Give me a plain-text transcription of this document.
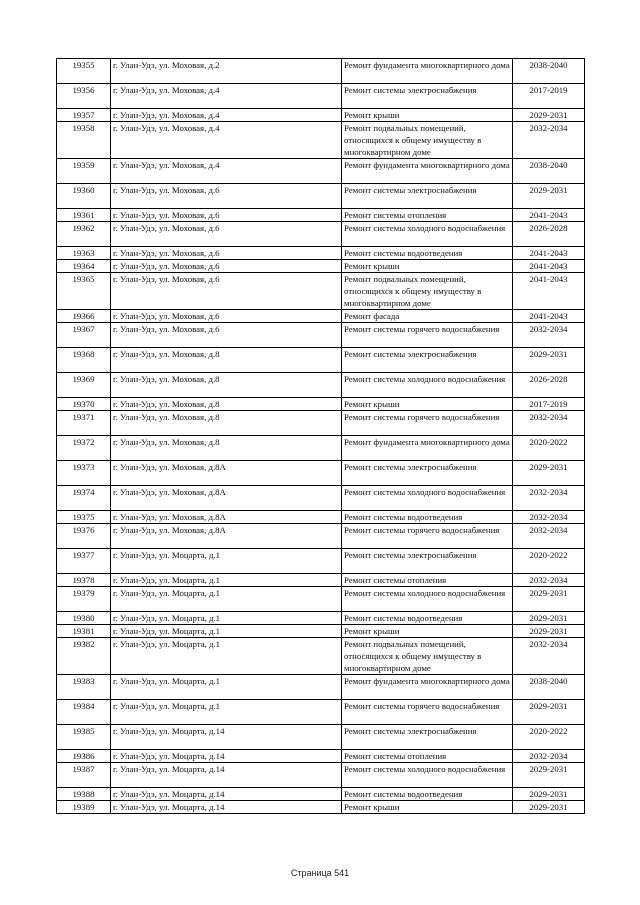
19355	г. Улан-Удэ, ул. Моховая, д.2	Ремонт фундамента многоквартирного дома	2038-2040
19356	г. Улан-Удэ, ул. Моховая, д.4	Ремонт системы электроснабжения	2017-2019
19357	г. Улан-Удэ, ул. Моховая, д.4	Ремонт крыши	2029-2031
19358	г. Улан-Удэ, ул. Моховая, д.4	Ремонт подвальных помещений, относящихся к общему имуществу в многоквартирном доме	2032-2034
19359	г. Улан-Удэ, ул. Моховая, д.4	Ремонт фундамента многоквартирного дома	2038-2040
19360	г. Улан-Удэ, ул. Моховая, д.6	Ремонт системы электроснабжения	2029-2031
19361	г. Улан-Удэ, ул. Моховая, д.6	Ремонт системы отопления	2041-2043
19362	г. Улан-Удэ, ул. Моховая, д.6	Ремонт системы холодного водоснабжения	2026-2028
19363	г. Улан-Удэ, ул. Моховая, д.6	Ремонт системы водоотведения	2041-2043
19364	г. Улан-Удэ, ул. Моховая, д.6	Ремонт крыши	2041-2043
19365	г. Улан-Удэ, ул. Моховая, д.6	Ремонт подвальных помещений, относящихся к общему имуществу в многоквартирном доме	2041-2043
19366	г. Улан-Удэ, ул. Моховая, д.6	Ремонт фасада	2041-2043
19367	г. Улан-Удэ, ул. Моховая, д.6	Ремонт системы горячего водоснабжения	2032-2034
19368	г. Улан-Удэ, ул. Моховая, д.8	Ремонт системы электроснабжения	2029-2031
19369	г. Улан-Удэ, ул. Моховая, д.8	Ремонт системы холодного водоснабжения	2026-2028
19370	г. Улан-Удэ, ул. Моховая, д.8	Ремонт крыши	2017-2019
19371	г. Улан-Удэ, ул. Моховая, д.8	Ремонт системы горячего водоснабжения	2032-2034
19372	г. Улан-Удэ, ул. Моховая, д.8	Ремонт фундамента многоквартирного дома	2020-2022
19373	г. Улан-Удэ, ул. Моховая, д.8А	Ремонт системы электроснабжения	2029-2031
19374	г. Улан-Удэ, ул. Моховая, д.8А	Ремонт системы холодного водоснабжения	2032-2034
19375	г. Улан-Удэ, ул. Моховая, д.8А	Ремонт системы водоотведения	2032-2034
19376	г. Улан-Удэ, ул. Моховая, д.8А	Ремонт системы горячего водоснабжения	2032-2034
19377	г. Улан-Удэ, ул. Моцарта, д.1	Ремонт системы электроснабжения	2020-2022
19378	г. Улан-Удэ, ул. Моцарта, д.1	Ремонт системы отопления	2032-2034
19379	г. Улан-Удэ, ул. Моцарта, д.1	Ремонт системы холодного водоснабжения	2029-2031
19380	г. Улан-Удэ, ул. Моцарта, д.1	Ремонт системы водоотведения	2029-2031
19381	г. Улан-Удэ, ул. Моцарта, д.1	Ремонт крыши	2029-2031
19382	г. Улан-Удэ, ул. Моцарта, д.1	Ремонт подвальных помещений, относящихся к общему имуществу в многоквартирном доме	2032-2034
19383	г. Улан-Удэ, ул. Моцарта, д.1	Ремонт фундамента многоквартирного дома	2038-2040
19384	г. Улан-Удэ, ул. Моцарта, д.1	Ремонт системы горячего водоснабжения	2029-2031
19385	г. Улан-Удэ, ул. Моцарта, д.14	Ремонт системы электроснабжения	2020-2022
19386	г. Улан-Удэ, ул. Моцарта, д.14	Ремонт системы отопления	2032-2034
19387	г. Улан-Удэ, ул. Моцарта, д.14	Ремонт системы холодного водоснабжения	2029-2031
19388	г. Улан-Удэ, ул. Моцарта, д.14	Ремонт системы водоотведения	2029-2031
19389	г. Улан-Удэ, ул. Моцарта, д.14	Ремонт крыши	2029-2031
Страница 541
